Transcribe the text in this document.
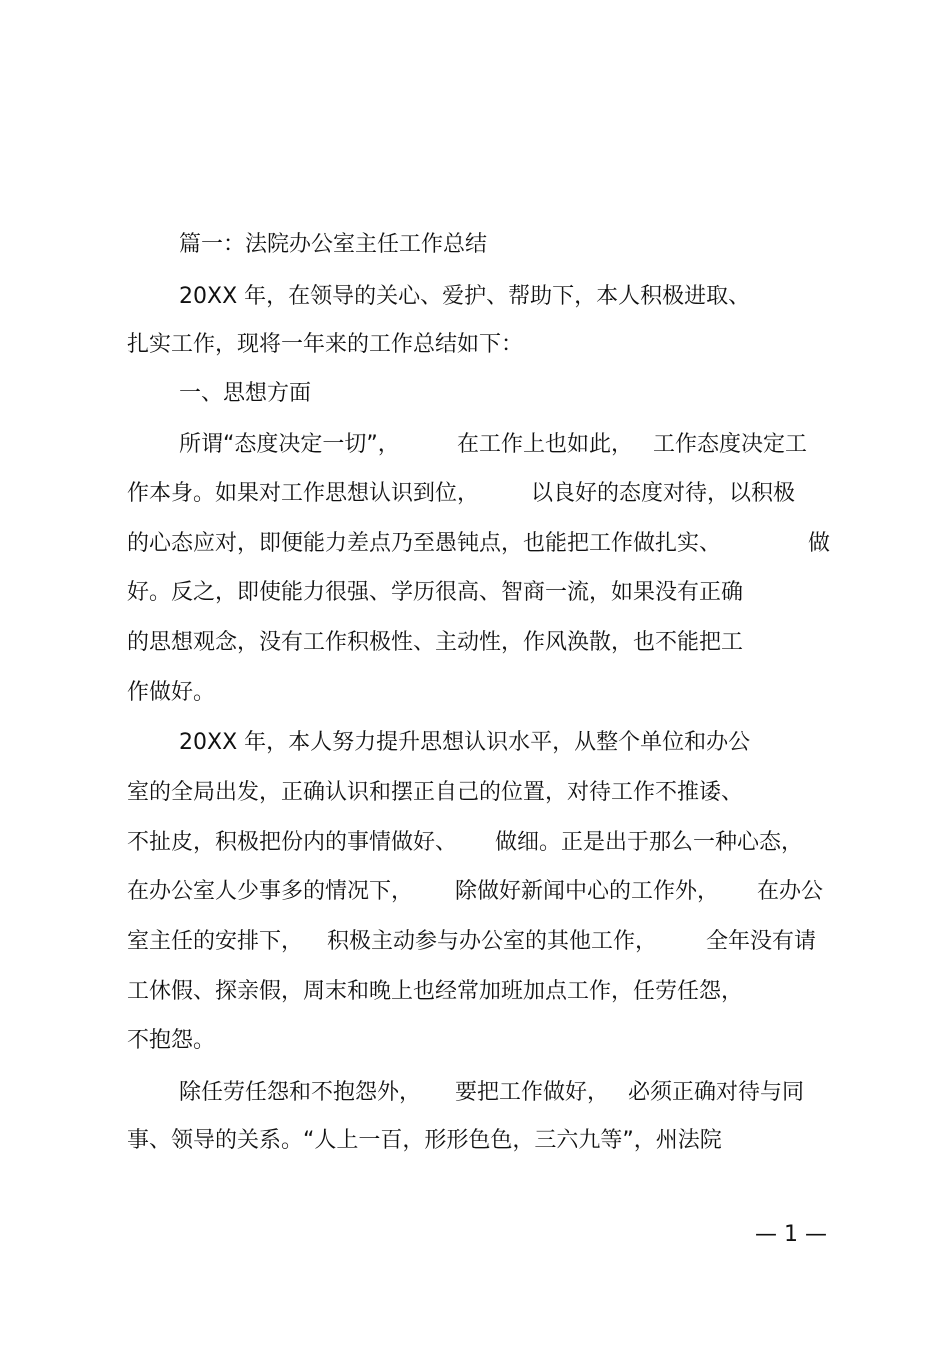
篇一：法院办公室主任工作总结
20XX 年，在领导的关心、爱护、帮助下，本人积极进取、
扎实工作，现将一年来的工作总结如下：
一、思想方面
所谓“态度决定一切”，	在工作上也如此， 工作态度决定工
作本身。如果对工作思想认识到位， 以良好的态度对待，以积极
的心态应对，即便能力差点乃至愚钝点，也能把工作做扎实、	做
好。反之，即使能力很强、学历很高、智商一流，如果没有正确
的思想观念，没有工作积极性、主动性，作风涣散，也不能把工
作做好。
20XX 年，本人努力提升思想认识水平，从整个单位和办公
室的全局出发，正确认识和摆正自己的位置，对待工作不推诿、
不扯皮，积极把份内的事情做好、 做细。正是出于那么一种心态，
在办公室人少事多的情况下， 除做好新闻中心的工作外， 在办公
室主任的安排下， 积极主动参与办公室的其他工作， 全年没有请
工休假、探亲假，周末和晚上也经常加班加点工作，任劳任怨，
不抱怨。
除任劳任怨和不抱怨外， 要把工作做好， 必须正确对待与同
事、领导的关系。“人上一百，形形色色，三六九等”，州法院
— 1 —
